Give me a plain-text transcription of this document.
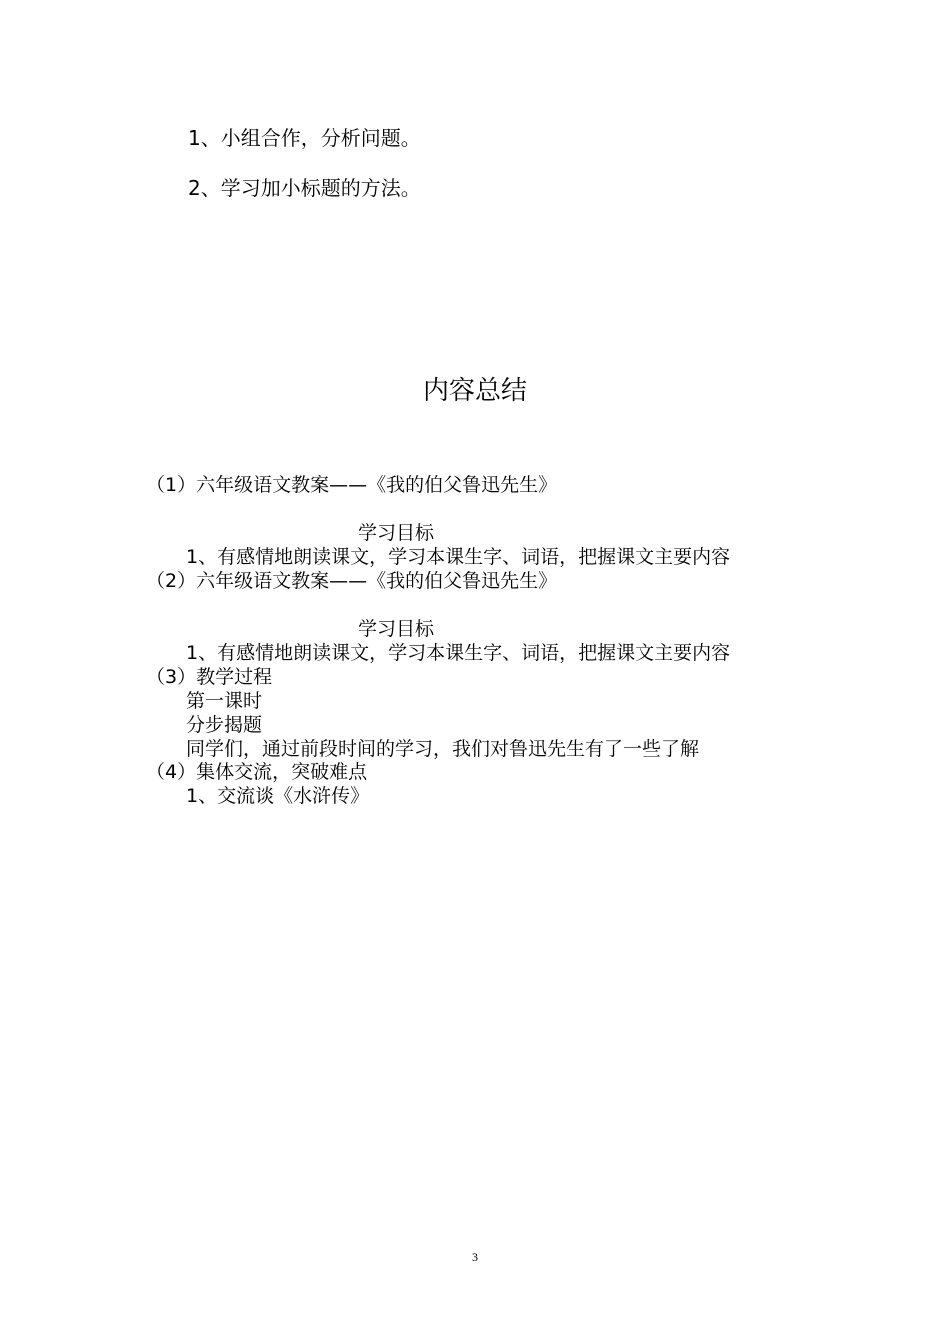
1、小组合作，分析问题。
2、学习加小标题的方法。
内容总结
（1）六年级语文教案——《我的伯父鲁迅先生》
学习目标
1、有感情地朗读课文，学习本课生字、词语，把握课文主要内容
（2）六年级语文教案——《我的伯父鲁迅先生》
学习目标
1、有感情地朗读课文，学习本课生字、词语，把握课文主要内容
（3）教学过程
第一课时
分步揭题
同学们，通过前段时间的学习，我们对鲁迅先生有了一些了解
（4）集体交流，突破难点
1、交流谈《水浒传》
3
